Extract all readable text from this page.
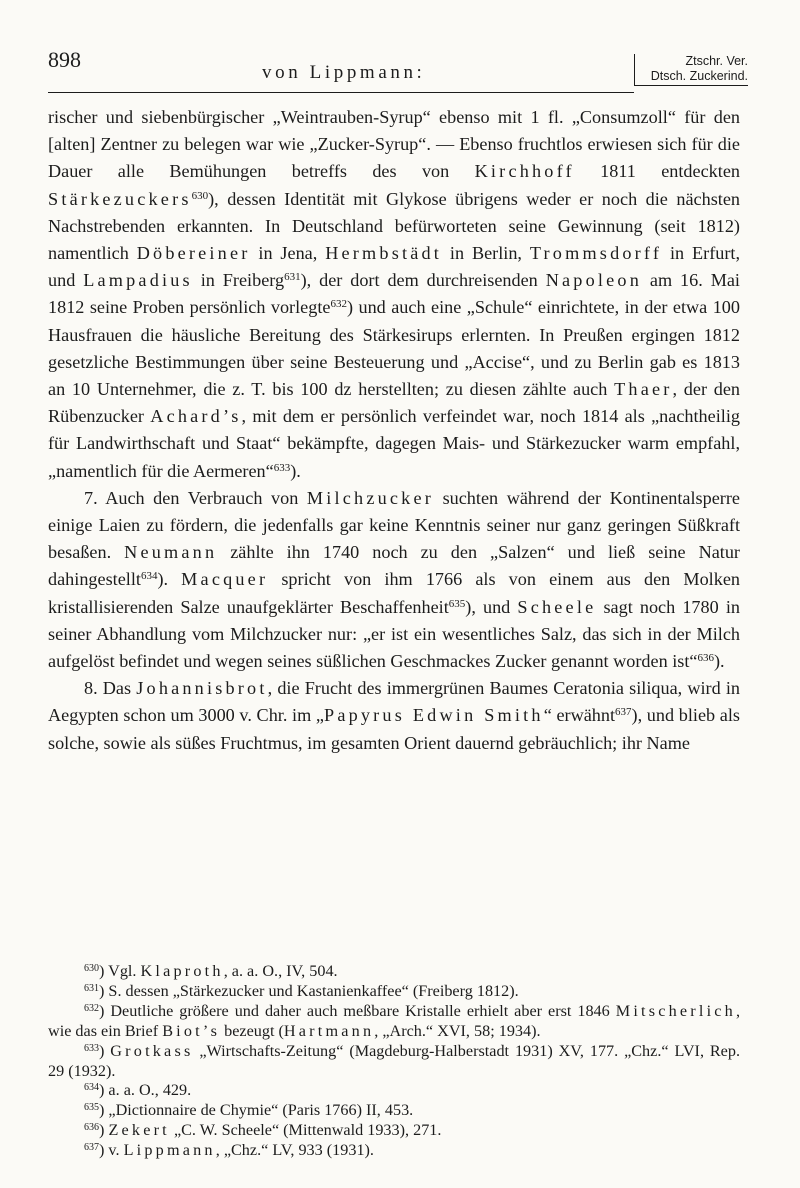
898
von Lippmann:
Ztschr. Ver.
Dtsch. Zuckerind.

rischer und siebenbürgischer „Weintrauben-Syrup“ ebenso mit 1 fl. „Consumzoll“ für den [alten] Zentner zu belegen war wie „Zucker-Syrup“. — Ebenso fruchtlos erwiesen sich für die Dauer alle Bemühungen betreffs des von Kirchhoff 1811 entdeckten Stärkezuckers$^{630}$), dessen Identität mit Glykose übrigens weder er noch die nächsten Nachstrebenden erkannten. In Deutschland befürworteten seine Gewinnung (seit 1812) namentlich Döbereiner in Jena, Hermbstädt in Berlin, Trommsdorff in Erfurt, und Lampadius in Freiberg$^{631}$), der dort dem durchreisenden Napoleon am 16. Mai 1812 seine Proben persönlich vorlegte$^{632}$) und auch eine „Schule“ einrichtete, in der etwa 100 Hausfrauen die häusliche Bereitung des Stärkesirups erlernten. In Preußen ergingen 1812 gesetzliche Bestimmungen über seine Besteuerung und „Accise“, und zu Berlin gab es 1813 an 10 Unternehmer, die z. T. bis 100 dz herstellten; zu diesen zählte auch Thaer, der den Rübenzucker Achard’s, mit dem er persönlich verfeindet war, noch 1814 als „nachtheilig für Landwirthschaft und Staat“ bekämpfte, dagegen Mais- und Stärkezucker warm empfahl, „namentlich für die Aermeren“$^{633}$).

7. Auch den Verbrauch von Milchzucker suchten während der Kontinentalsperre einige Laien zu fördern, die jedenfalls gar keine Kenntnis seiner nur ganz geringen Süßkraft besaßen. Neumann zählte ihn 1740 noch zu den „Salzen“ und ließ seine Natur dahingestellt$^{634}$). Macquer spricht von ihm 1766 als von einem aus den Molken kristallisierenden Salze unaufgeklärter Beschaffenheit$^{635}$), und Scheele sagt noch 1780 in seiner Abhandlung vom Milchzucker nur: „er ist ein wesentliches Salz, das sich in der Milch aufgelöst befindet und wegen seines süßlichen Geschmackes Zucker genannt worden ist“$^{636}$).

8. Das Johannisbrot, die Frucht des immergrünen Baumes Ceratonia siliqua, wird in Aegypten schon um 3000 v. Chr. im „Papyrus Edwin Smith“ erwähnt$^{637}$), und blieb als solche, sowie als süßes Fruchtmus, im gesamten Orient dauernd gebräuchlich; ihr Name

$^{630}$) Vgl. Klaproth, a. a. O., IV, 504.

$^{631}$) S. dessen „Stärkezucker und Kastanienkaffee“ (Freiberg 1812).

$^{632}$) Deutliche größere und daher auch meßbare Kristalle erhielt aber erst 1846 Mitscherlich, wie das ein Brief Biot’s bezeugt (Hartmann, „Arch.“ XVI, 58; 1934).

$^{633}$) Grotkass „Wirtschafts-Zeitung“ (Magdeburg-Halberstadt 1931) XV, 177. „Chz.“ LVI, Rep. 29 (1932).

$^{634}$) a. a. O., 429.

$^{635}$) „Dictionnaire de Chymie“ (Paris 1766) II, 453.

$^{636}$) Zekert „C. W. Scheele“ (Mittenwald 1933), 271.

$^{637}$) v. Lippmann, „Chz.“ LV, 933 (1931).
